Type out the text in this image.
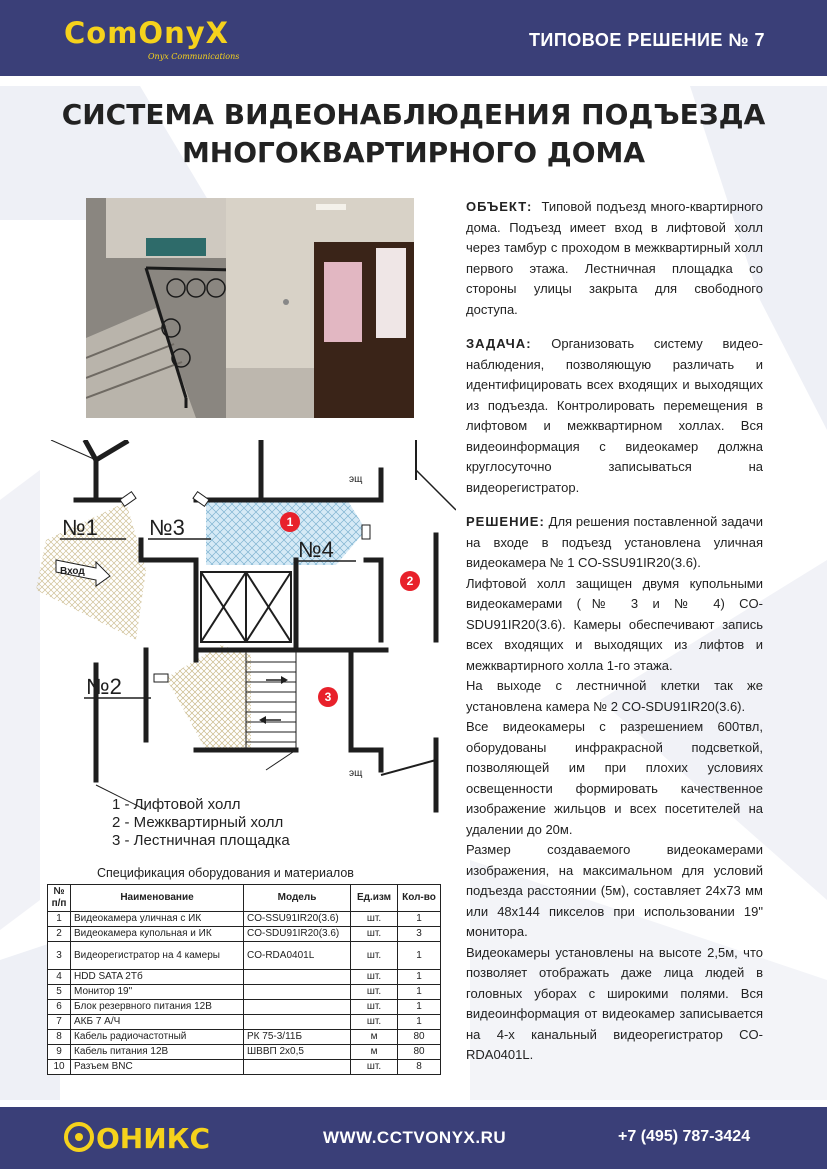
ComOnyX
Onyx Communications
ТИПОВОЕ РЕШЕНИЕ № 7
СИСТЕМА ВИДЕОНАБЛЮДЕНИЯ ПОДЪЕЗДА
МНОГОКВАРТИРНОГО ДОМА
№1 №3
№4
№2
Вход
эщ
эщ
1
2
3
1 - Лифтовой холл
2 - Межквартирный холл
3 - Лестничная площадка
Спецификация оборудования и материалов
№ п/п	Наименование	Модель	Ед.изм	Кол-во
1	Видеокамера уличная с ИК	CO-SSU91IR20(3.6)	шт.	1
2	Видеокамера купольная и ИК	CO-SDU91IR20(3.6)	шт.	3
3	Видеорегистратор на 4 камеры	CO-RDA0401L	шт.	1
4	HDD SATA 2Тб		шт.	1
5	Монитор 19"		шт.	1
6	Блок резервного питания 12В		шт.	1
7	АКБ 7 А/Ч		шт.	1
8	Кабель радиочастотный	РК 75-3/11Б	м	80
9	Кабель питания 12В	ШВВП 2х0,5	м	80
10	Разъем BNC		шт.	8

ОБЪЕКТ: Типовой подъезд много-квартирного дома. Подъезд имеет вход в лифтовой холл через тамбур с проходом в межквартирный холл первого этажа. Лестничная площадка со стороны улицы закрыта для свободного доступа.

ЗАДАЧА: Организовать систему видео-наблюдения, позволяющую различать и идентифицировать всех входящих и выходящих из подъезда. Контролировать перемещения в лифтовом и межквартирном холлах. Вся видеоинформация с видеокамер должна круглосуточно записываться на видеорегистратор.

РЕШЕНИЕ: Для решения поставленной задачи на входе в подъезд установлена уличная видеокамера № 1 CO-SSU91IR20(3.6).

Лифтовой холл защищен двумя купольными видеокамерами (№ 3 и № 4) CO-SDU91IR20(3.6). Камеры обеспечивают запись всех входящих и выходящих из лифтов и межквартирного холла 1-го этажа.

На выходе с лестничной клетки так же установлена камера № 2 CO-SDU91IR20(3.6).

Все видеокамеры с разрешением 600твл, оборудованы инфракрасной подсветкой, позволяющей им при плохих условиях освещенности формировать качественное изображение жильцов и всех посетителей на удалении до 20м.

Размер создаваемого видеокамерами изображения, на максимальном для условий подъезда расстоянии (5м), составляет 24х73 мм или 48х144 пикселов при использовании 19" монитора.

Видеокамеры установлены на высоте 2,5м, что позволяет отображать даже лица людей в головных уборах с широкими полями. Вся видеоинформация от видеокамер записывается на 4-х канальный видеорегистратор CO-RDA0401L.

ОНИКС	WWW.CCTVONYX.RU	+7 (495) 787-3424
